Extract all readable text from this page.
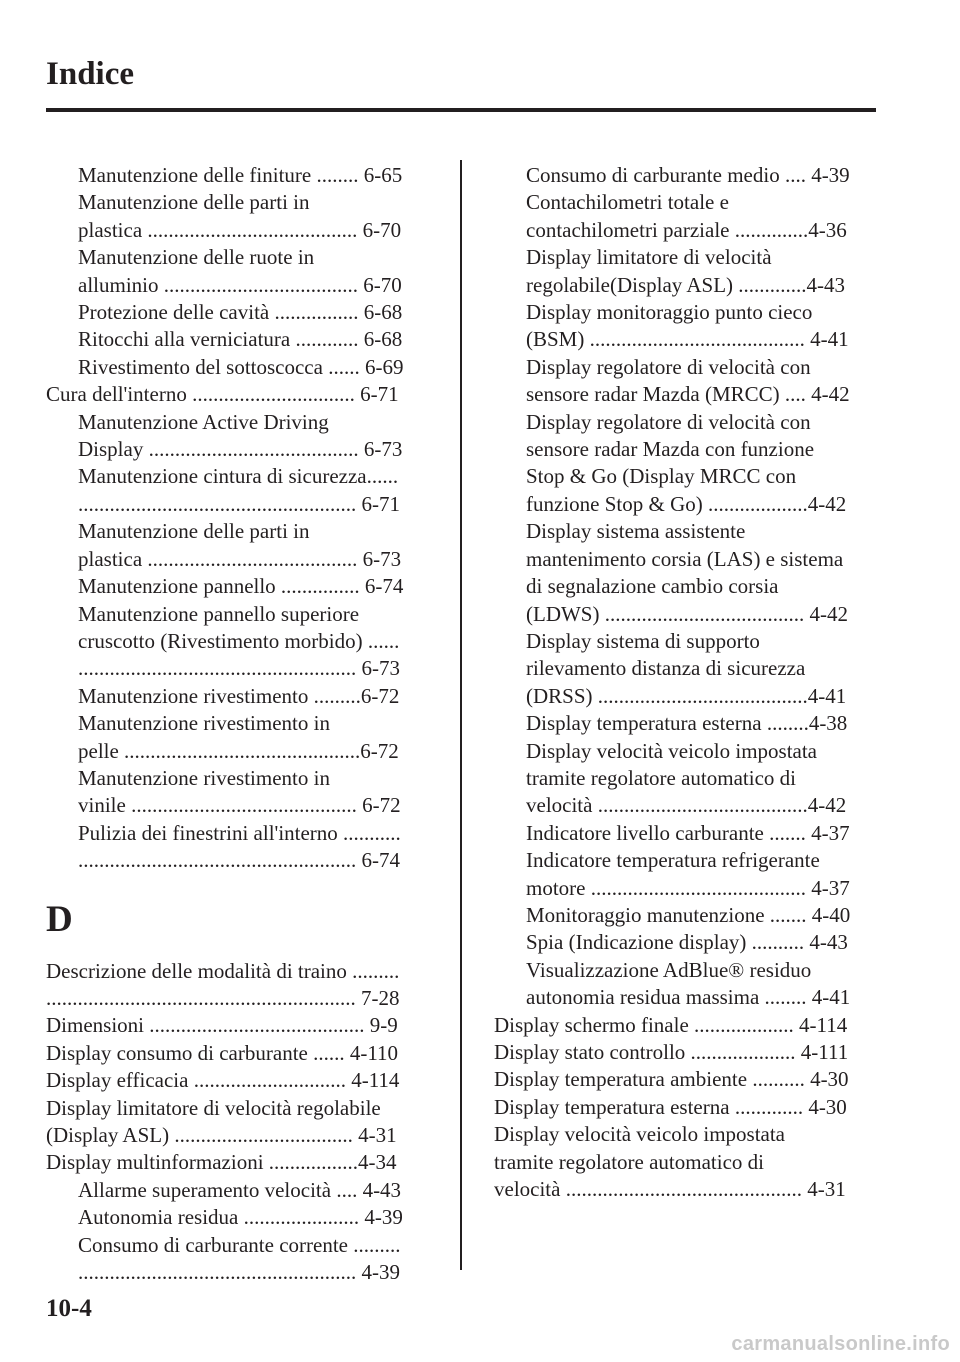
Indice

Manutenzione delle finiture ........ 6-65

Manutenzione delle parti in

plastica ........................................ 6-70

Manutenzione delle ruote in

alluminio ..................................... 6-70

Protezione delle cavità ................ 6-68

Ritocchi alla verniciatura ............ 6-68

Rivestimento del sottoscocca ...... 6-69

Cura dell'interno ............................... 6-71

Manutenzione Active Driving

Display ........................................ 6-73

Manutenzione cintura di sicurezza......

..................................................... 6-71

Manutenzione delle parti in

plastica ........................................ 6-73

Manutenzione pannello ............... 6-74

Manutenzione pannello superiore

cruscotto (Rivestimento morbido) ......

..................................................... 6-73

Manutenzione rivestimento .........6-72

Manutenzione rivestimento in

pelle .............................................6-72

Manutenzione rivestimento in

vinile ........................................... 6-72

Pulizia dei finestrini all'interno ...........

..................................................... 6-74

D

Descrizione delle modalità di traino .........

........................................................... 7-28

Dimensioni ......................................... 9-9

Display consumo di carburante ...... 4-110

Display efficacia ............................. 4-114

Display limitatore di velocità regolabile

(Display ASL) .................................. 4-31

Display multinformazioni .................4-34

Allarme superamento velocità .... 4-43

Autonomia residua ...................... 4-39

Consumo di carburante corrente .........

..................................................... 4-39

Consumo di carburante medio .... 4-39

Contachilometri totale e

contachilometri parziale ..............4-36

Display limitatore di velocità

regolabile(Display ASL) .............4-43

Display monitoraggio punto cieco

(BSM) ......................................... 4-41

Display regolatore di velocità con

sensore radar Mazda (MRCC) .... 4-42

Display regolatore di velocità con

sensore radar Mazda con funzione

Stop & Go (Display MRCC con

funzione Stop & Go) ...................4-42

Display sistema assistente

mantenimento corsia (LAS) e sistema

di segnalazione cambio corsia

(LDWS) ...................................... 4-42

Display sistema di supporto

rilevamento distanza di sicurezza

(DRSS) ........................................4-41

Display temperatura esterna ........4-38

Display velocità veicolo impostata

tramite regolatore automatico di

velocità ........................................4-42

Indicatore livello carburante ....... 4-37

Indicatore temperatura refrigerante

motore ......................................... 4-37

Monitoraggio manutenzione ....... 4-40

Spia (Indicazione display) .......... 4-43

Visualizzazione AdBlue® residuo

autonomia residua massima ........ 4-41

Display schermo finale ................... 4-114

Display stato controllo .................... 4-111

Display temperatura ambiente .......... 4-30

Display temperatura esterna ............. 4-30

Display velocità veicolo impostata

tramite regolatore automatico di

velocità ............................................. 4-31

10-4
carmanualsonline.info
